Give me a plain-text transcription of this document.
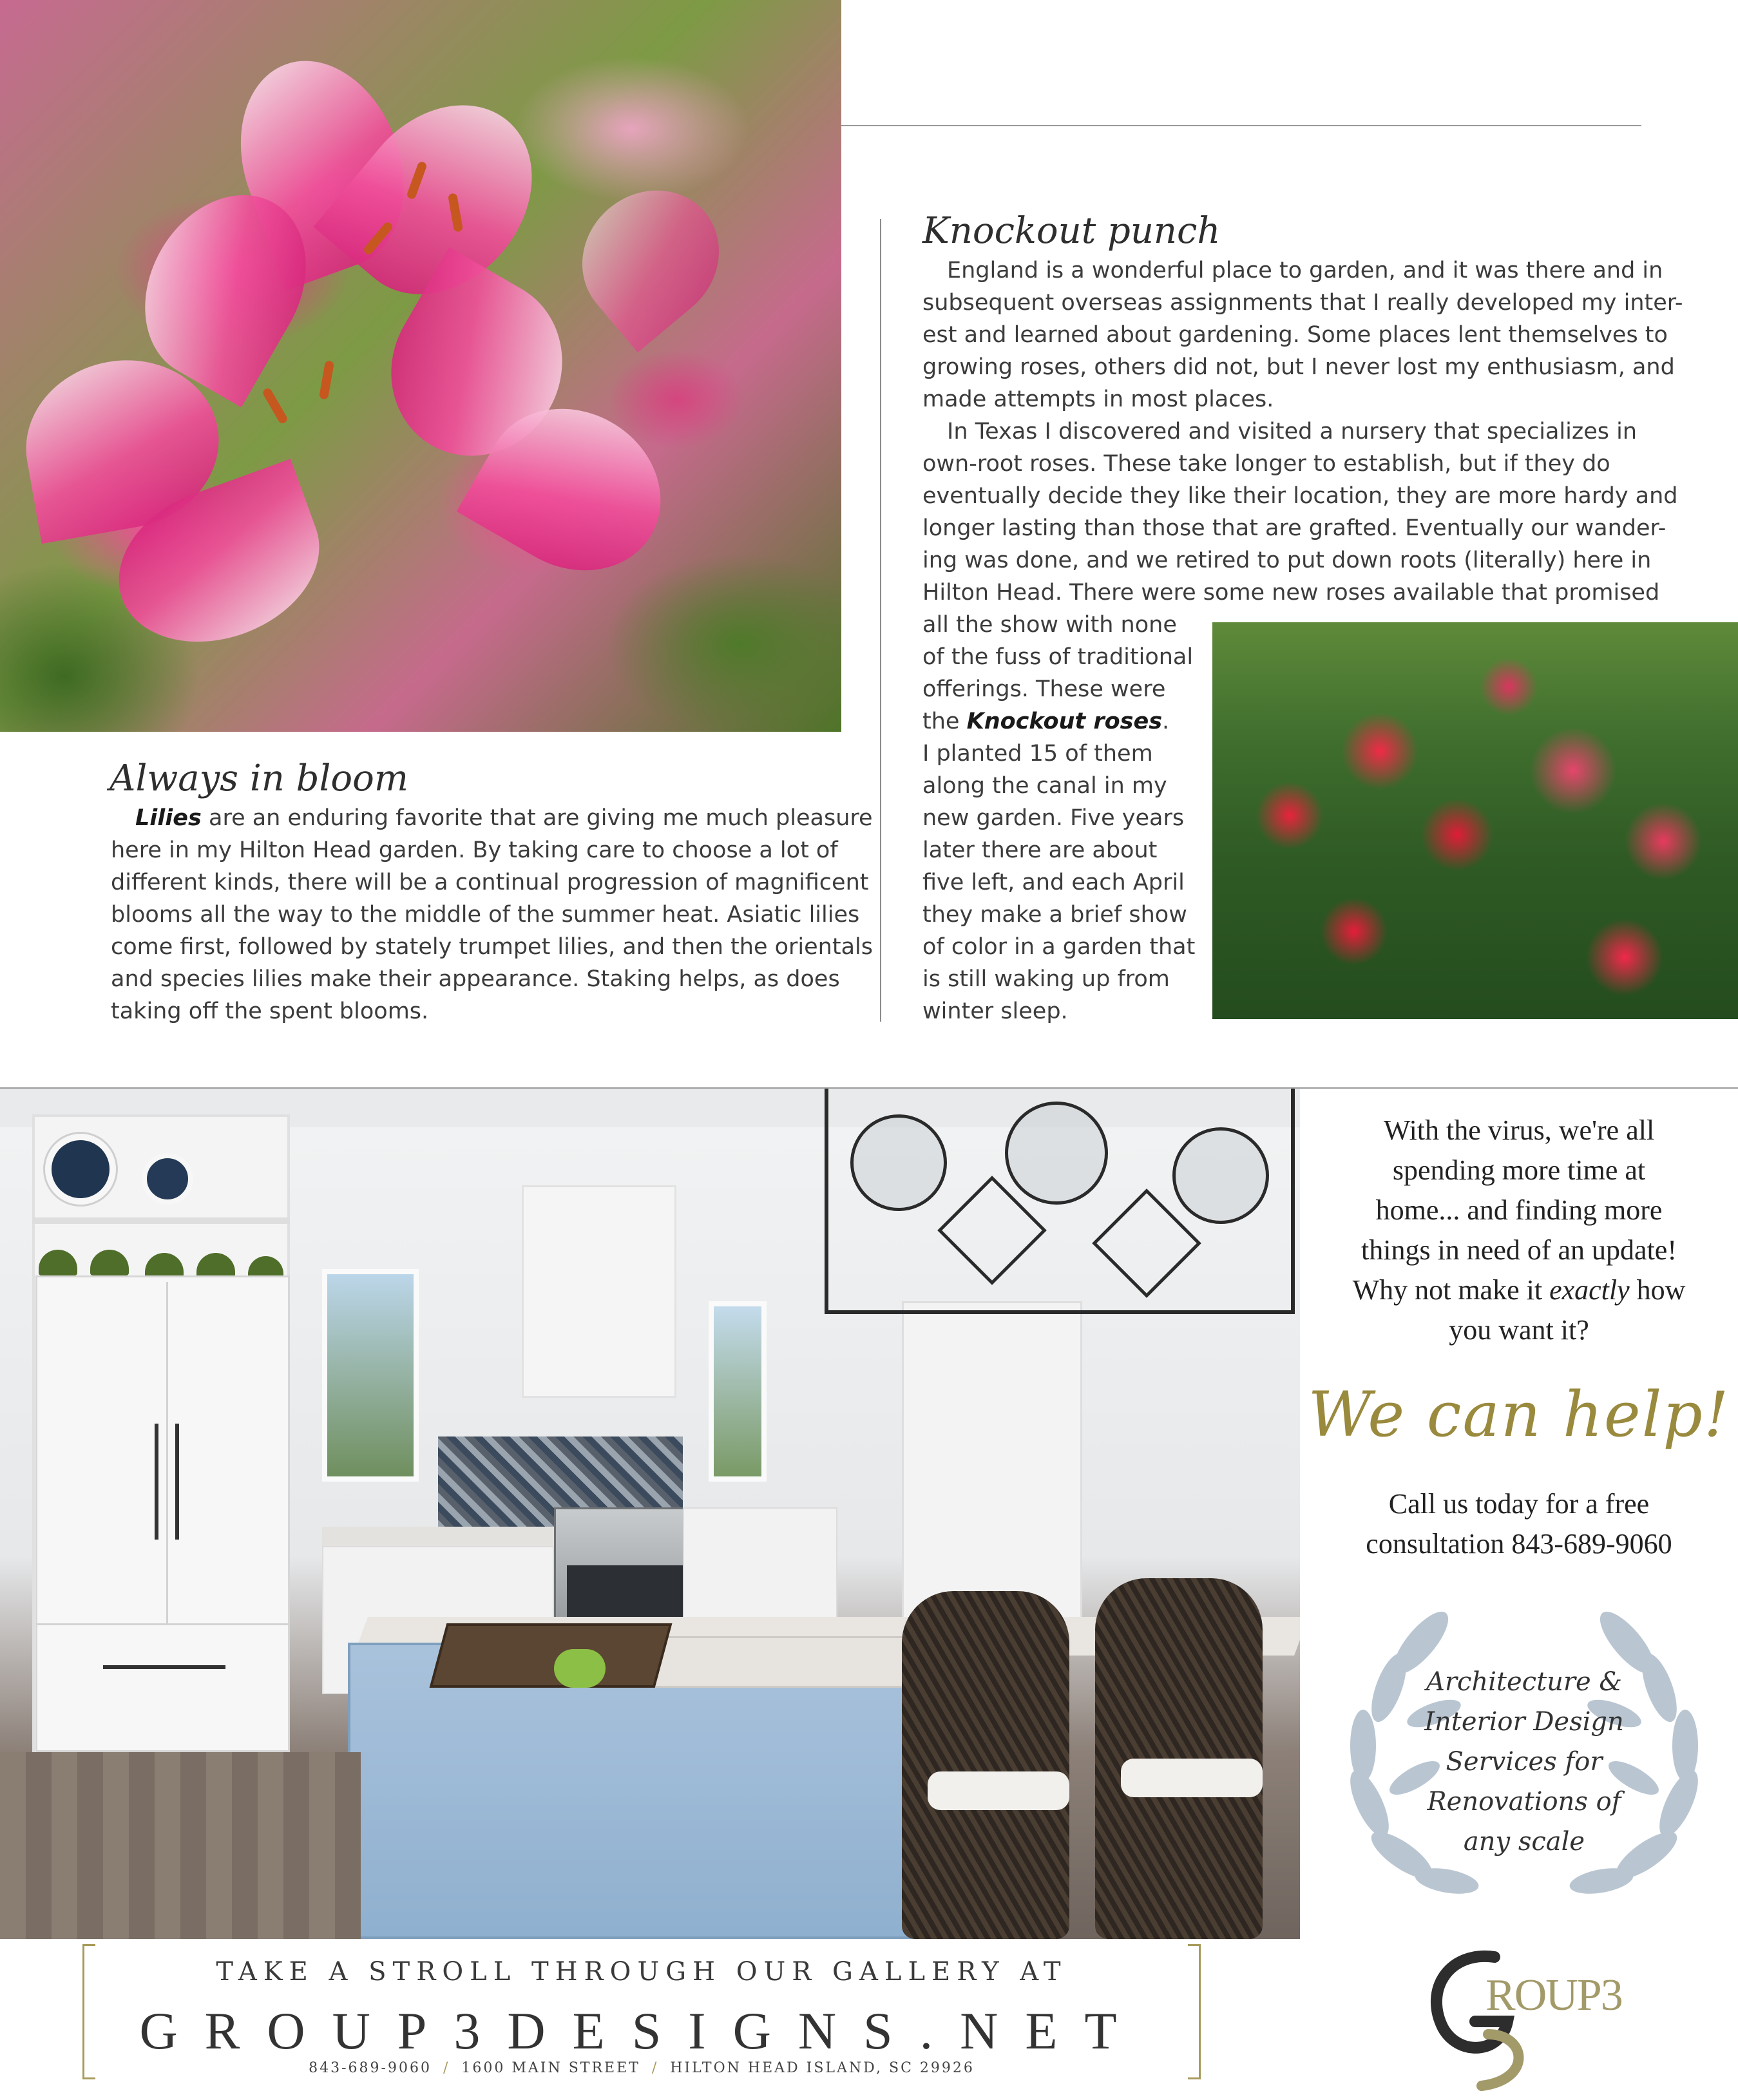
Always in bloom
Lilies are an enduring favorite that are giving me much pleasure
here in my Hilton Head garden. By taking care to choose a lot of
different kinds, there will be a continual progression of magnificent
blooms all the way to the middle of the summer heat. Asiatic lilies
come first, followed by stately trumpet lilies, and then the orientals
and species lilies make their appearance. Staking helps, as does
taking off the spent blooms.
Knockout punch
England is a wonderful place to garden, and it was there and in
subsequent overseas assignments that I really developed my inter-
est and learned about gardening. Some places lent themselves to
growing roses, others did not, but I never lost my enthusiasm, and
made attempts in most places.
In Texas I discovered and visited a nursery that specializes in
own-root roses. These take longer to establish, but if they do
eventually decide they like their location, they are more hardy and
longer lasting than those that are grafted. Eventually our wander-
ing was done, and we retired to put down roots (literally) here in
Hilton Head. There were some new roses available that promised
all the show with none
of the fuss of traditional
offerings. These were
the Knockout roses.
I planted 15 of them
along the canal in my
new garden. Five years
later there are about
five left, and each April
they make a brief show
of color in a garden that
is still waking up from
winter sleep.
With the virus, we're all
spending more time at
home... and finding more
things in need of an update!
Why not make it exactly how
you want it?
We can help!
Call us today for a free
consultation 843-689-9060
Architecture &
Interior Design
Services for
Renovations of
any scale
TAKE A STROLL THROUGH OUR GALLERY AT
GROUP3DESIGNS.NET
843-689-9060 / 1600 MAIN STREET / HILTON HEAD ISLAND, SC 29926
ROUP3
